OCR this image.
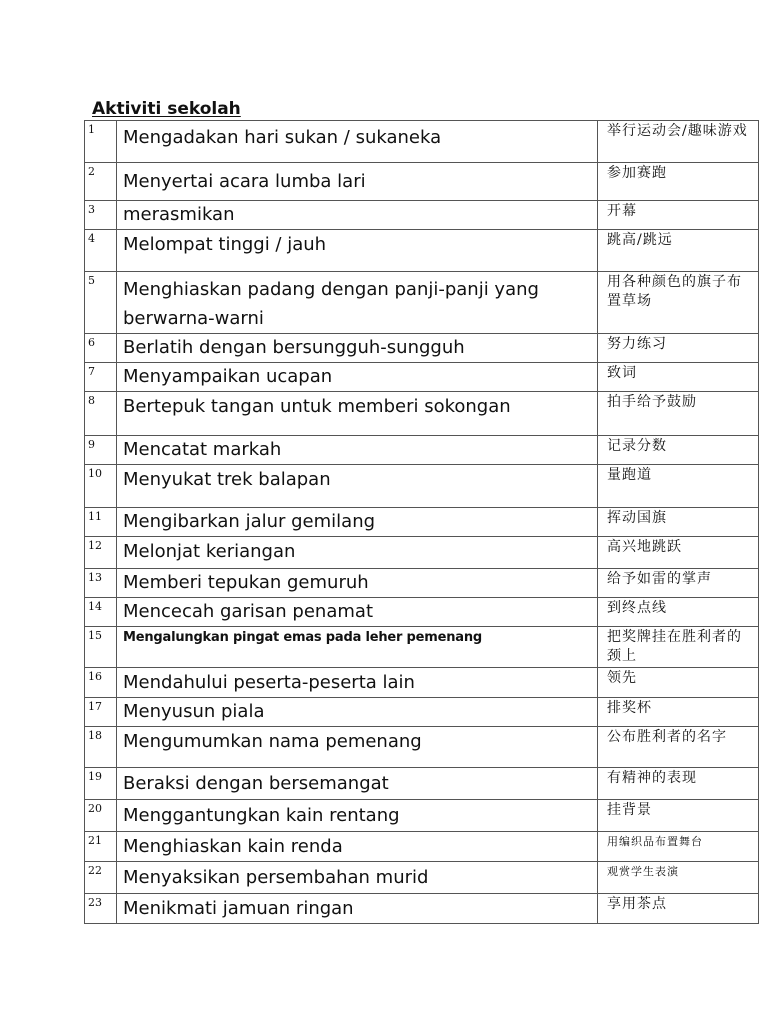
Aktiviti sekolah
1	Mengadakan hari sukan / sukaneka	举行运动会/趣味游戏
2	Menyertai acara lumba lari	参加赛跑
3	merasmikan	开幕
4	Melompat tinggi / jauh	跳高/跳远
5	Menghiaskan padang dengan panji-panji yang berwarna-warni	用各种颜色的旗子布置草场
6	Berlatih dengan bersungguh-sungguh	努力练习
7	Menyampaikan ucapan	致词
8	Bertepuk tangan untuk memberi sokongan	拍手给予鼓励
9	Mencatat markah	记录分数
10	Menyukat trek balapan	量跑道
11	Mengibarkan jalur gemilang	挥动国旗
12	Melonjat keriangan	高兴地跳跃
13	Memberi tepukan gemuruh	给予如雷的掌声
14	Mencecah garisan penamat	到终点线
15	Mengalungkan pingat emas pada leher pemenang	把奖牌挂在胜利者的颈上
16	Mendahului peserta-peserta lain	领先
17	Menyusun piala	排奖杯
18	Mengumumkan nama pemenang	公布胜利者的名字
19	Beraksi dengan bersemangat	有精神的表现
20	Menggantungkan kain rentang	挂背景
21	Menghiaskan kain renda	用编织品布置舞台
22	Menyaksikan persembahan murid	观赏学生表演
23	Menikmati jamuan ringan	享用茶点
